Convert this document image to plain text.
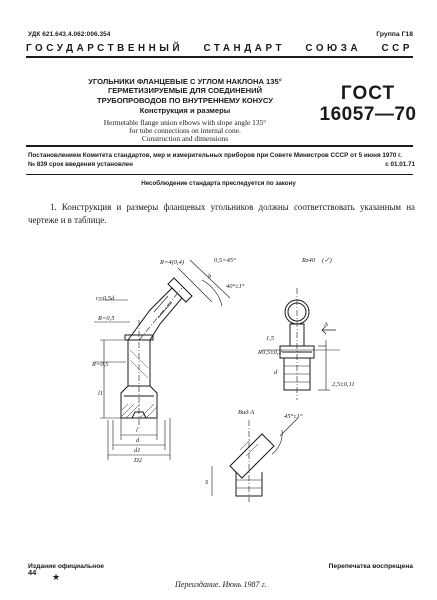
УДК 621.643.4.062:006.354	Группа Г18
ГОСУДАРСТВЕННЫЙ СТАНДАРТ СОЮЗА ССР
УГОЛЬНИКИ ФЛАНЦЕВЫЕ С УГЛОМ НАКЛОНА 135°
ГЕРМЕТИЗИРУЕМЫЕ ДЛЯ СОЕДИНЕНИЙ
ТРУБОПРОВОДОВ ПО ВНУТРЕННЕМУ КОНУСУ
Конструкция и размеры
Hermetable flange union elbows with slope angle 135°
for tube connections on internal cone.
Construction and dimensions
ГОСТ
16057—70
Постановлением Комитета стандартов, мер и измерительных приборов при Совете Министров СССР от 5 июня 1970 г.
№ 839 срок введения установлен	с 01.01.71
Несоблюдение стандарта преследуется по закону
1. Конструкция и размеры фланцевых угольников должны соответствовать указанным на чертеже и в таблице.
R=4(0,4)	0,5×45°
40°±1°
b
l1
R=0,5
R=0,5
r=0,5d
l
d
d1
D2
Rz40 (✓)
A
1,5
R0,5±0,2
d
2,5±0,11
Вид А
45°±1°
S
Издание официальное	Перепечатка воспрещена
★
Переиздание. Июнь 1987 г.
44
